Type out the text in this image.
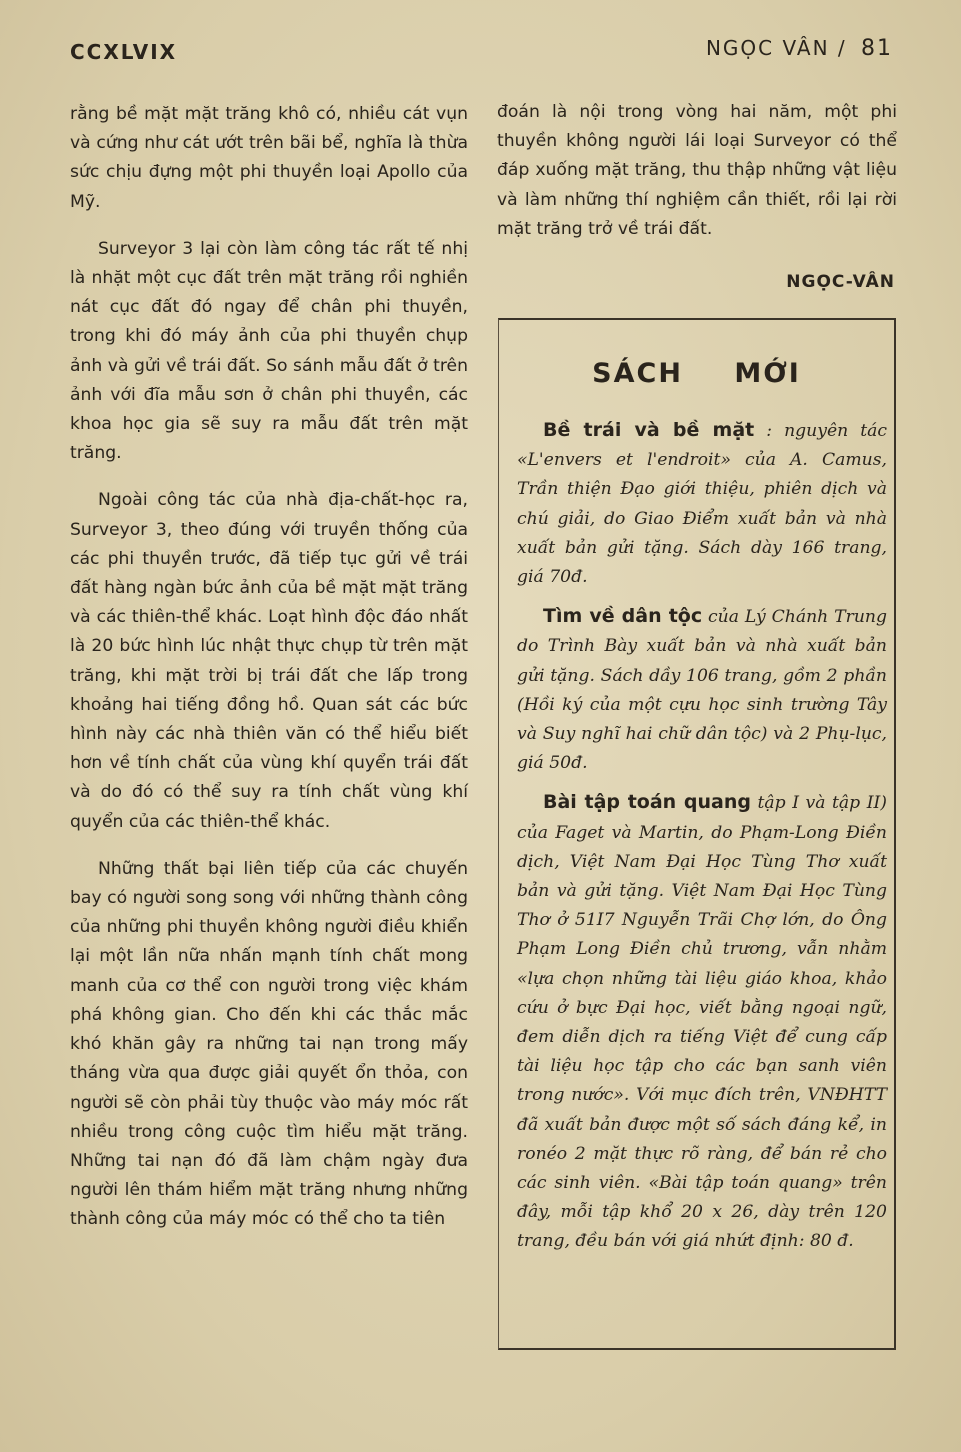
CCXLVIX	NGỌC VÂN / 81

rằng bề mặt mặt trăng khô có, nhiều cát vụn và cứng như cát ướt trên bãi bể, nghĩa là thừa sức chịu đựng một phi thuyền loại Apollo của Mỹ.

Surveyor 3 lại còn làm công tác rất tế nhị là nhặt một cục đất trên mặt trăng rồi nghiền nát cục đất đó ngay để chân phi thuyền, trong khi đó máy ảnh của phi thuyền chụp ảnh và gửi về trái đất. So sánh mẫu đất ở trên ảnh với đĩa mẫu sơn ở chân phi thuyền, các khoa học gia sẽ suy ra mẫu đất trên mặt trăng.

Ngoài công tác của nhà địa-chất-học ra, Surveyor 3, theo đúng với truyền thống của các phi thuyền trước, đã tiếp tục gửi về trái đất hàng ngàn bức ảnh của bề mặt mặt trăng và các thiên-thể khác. Loạt hình độc đáo nhất là 20 bức hình lúc nhật thực chụp từ trên mặt trăng, khi mặt trời bị trái đất che lấp trong khoảng hai tiếng đồng hồ. Quan sát các bức hình này các nhà thiên văn có thể hiểu biết hơn về tính chất của vùng khí quyển trái đất và do đó có thể suy ra tính chất vùng khí quyển của các thiên-thể khác.

Những thất bại liên tiếp của các chuyến bay có người song song với những thành công của những phi thuyền không người điều khiển lại một lần nữa nhấn mạnh tính chất mong manh của cơ thể con người trong việc khám phá không gian. Cho đến khi các thắc mắc khó khăn gây ra những tai nạn trong mấy tháng vừa qua được giải quyết ổn thỏa, con người sẽ còn phải tùy thuộc vào máy móc rất nhiều trong công cuộc tìm hiểu mặt trăng. Những tai nạn đó đã làm chậm ngày đưa người lên thám hiểm mặt trăng nhưng những thành công của máy móc có thể cho ta tiên

đoán là nội trong vòng hai năm, một phi thuyền không người lái loại Surveyor có thể đáp xuống mặt trăng, thu thập những vật liệu và làm những thí nghiệm cần thiết, rồi lại rời mặt trăng trở về trái đất.

NGỌC-VÂN
SÁCH MỚI

Bề trái và bề mặt : nguyên tác «L'envers et l'endroit» của A. Camus, Trần thiện Đạo giới thiệu, phiên dịch và chú giải, do Giao Điểm xuất bản và nhà xuất bản gửi tặng. Sách dày 166 trang, giá 70đ.

Tìm về dân tộc của Lý Chánh Trung do Trình Bày xuất bản và nhà xuất bản gửi tặng. Sách dầy 106 trang, gồm 2 phần (Hồi ký của một cựu học sinh trường Tây và Suy nghĩ hai chữ dân tộc) và 2 Phụ-lục, giá 50đ.

Bài tập toán quang tập I và tập II) của Faget và Martin, do Phạm-Long Điền dịch, Việt Nam Đại Học Tùng Thơ xuất bản và gửi tặng. Việt Nam Đại Học Tùng Thơ ở 51I7 Nguyễn Trãi Chợ lớn, do Ông Phạm Long Điền chủ trương, vẫn nhằm «lựa chọn những tài liệu giáo khoa, khảo cứu ở bực Đại học, viết bằng ngoại ngữ, đem diễn dịch ra tiếng Việt để cung cấp tài liệu học tập cho các bạn sanh viên trong nước». Với mục đích trên, VNĐHTT đã xuất bản được một số sách đáng kể, in ronéo 2 mặt thực rõ ràng, để bán rẻ cho các sinh viên. «Bài tập toán quang» trên đây, mỗi tập khổ 20 x 26, dày trên 120 trang, đều bán với giá nhứt định: 80 đ.
